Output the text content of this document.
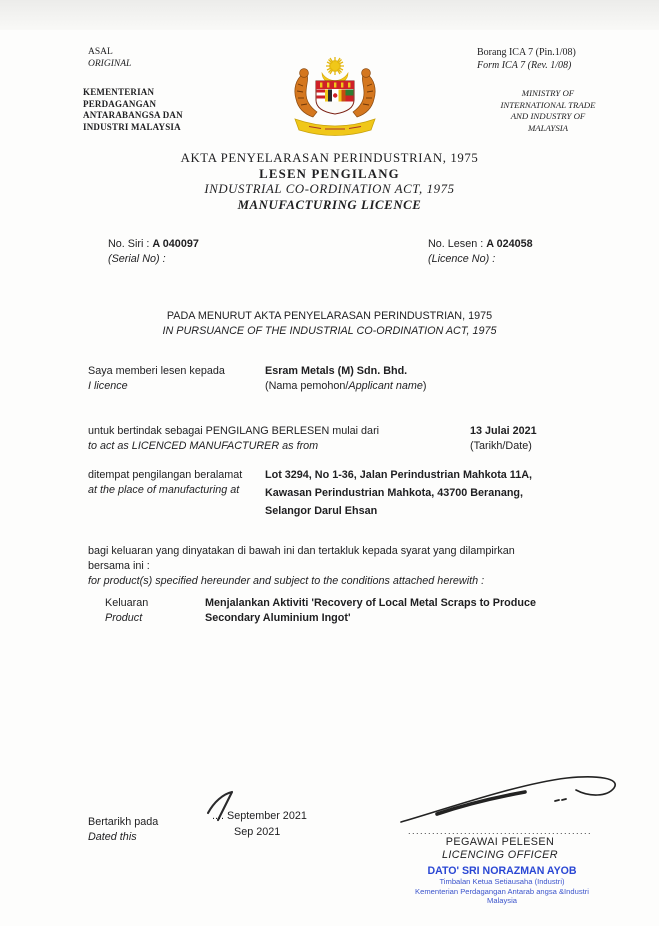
ASAL
ORIGINAL
KEMENTERIAN
PERDAGANGAN
ANTARABANGSA DAN
INDUSTRI MALAYSIA
Borang ICA 7 (Pin.1/08)
Form ICA 7 (Rev. 1/08)
MINISTRY OF
INTERNATIONAL TRADE
AND INDUSTRY OF
MALAYSIA
AKTA PENYELARASAN PERINDUSTRIAN, 1975
LESEN PENGILANG
INDUSTRIAL CO-ORDINATION ACT, 1975
MANUFACTURING LICENCE
No. Siri : A 040097
(Serial No) :
No. Lesen : A 024058
(Licence No) :
PADA MENURUT AKTA PENYELARASAN PERINDUSTRIAN, 1975
IN PURSUANCE OF THE INDUSTRIAL CO-ORDINATION ACT, 1975
Saya memberi lesen kepada
I licence
Esram Metals (M) Sdn. Bhd.
(Nama pemohon/Applicant name)
untuk bertindak sebagai PENGILANG BERLESEN mulai dari
to act as LICENCED MANUFACTURER as from
13 Julai 2021
(Tarikh/Date)
ditempat pengilangan beralamat
at the place of manufacturing at
Lot 3294, No 1-36, Jalan Perindustrian Mahkota 11A,
Kawasan Perindustrian Mahkota, 43700 Beranang,
Selangor Darul Ehsan
bagi keluaran yang dinyatakan di bawah ini dan tertakluk kepada syarat yang dilampirkan
bersama ini :
for product(s) specified hereunder and subject to the conditions attached herewith :
Keluaran
Product
Menjalankan Aktiviti 'Recovery of Local Metal Scraps to Produce
Secondary Aluminium Ingot'
Bertarikh pada
Dated this
.... September 2021
Sep 2021	..............................................
PEGAWAI PELESEN
LICENCING OFFICER
DATO' SRI NORAZMAN AYOB
Timbalan Ketua Setiausaha (Industri)
Kementerian Perdagangan Antarab angsa &Industri
Malaysia
